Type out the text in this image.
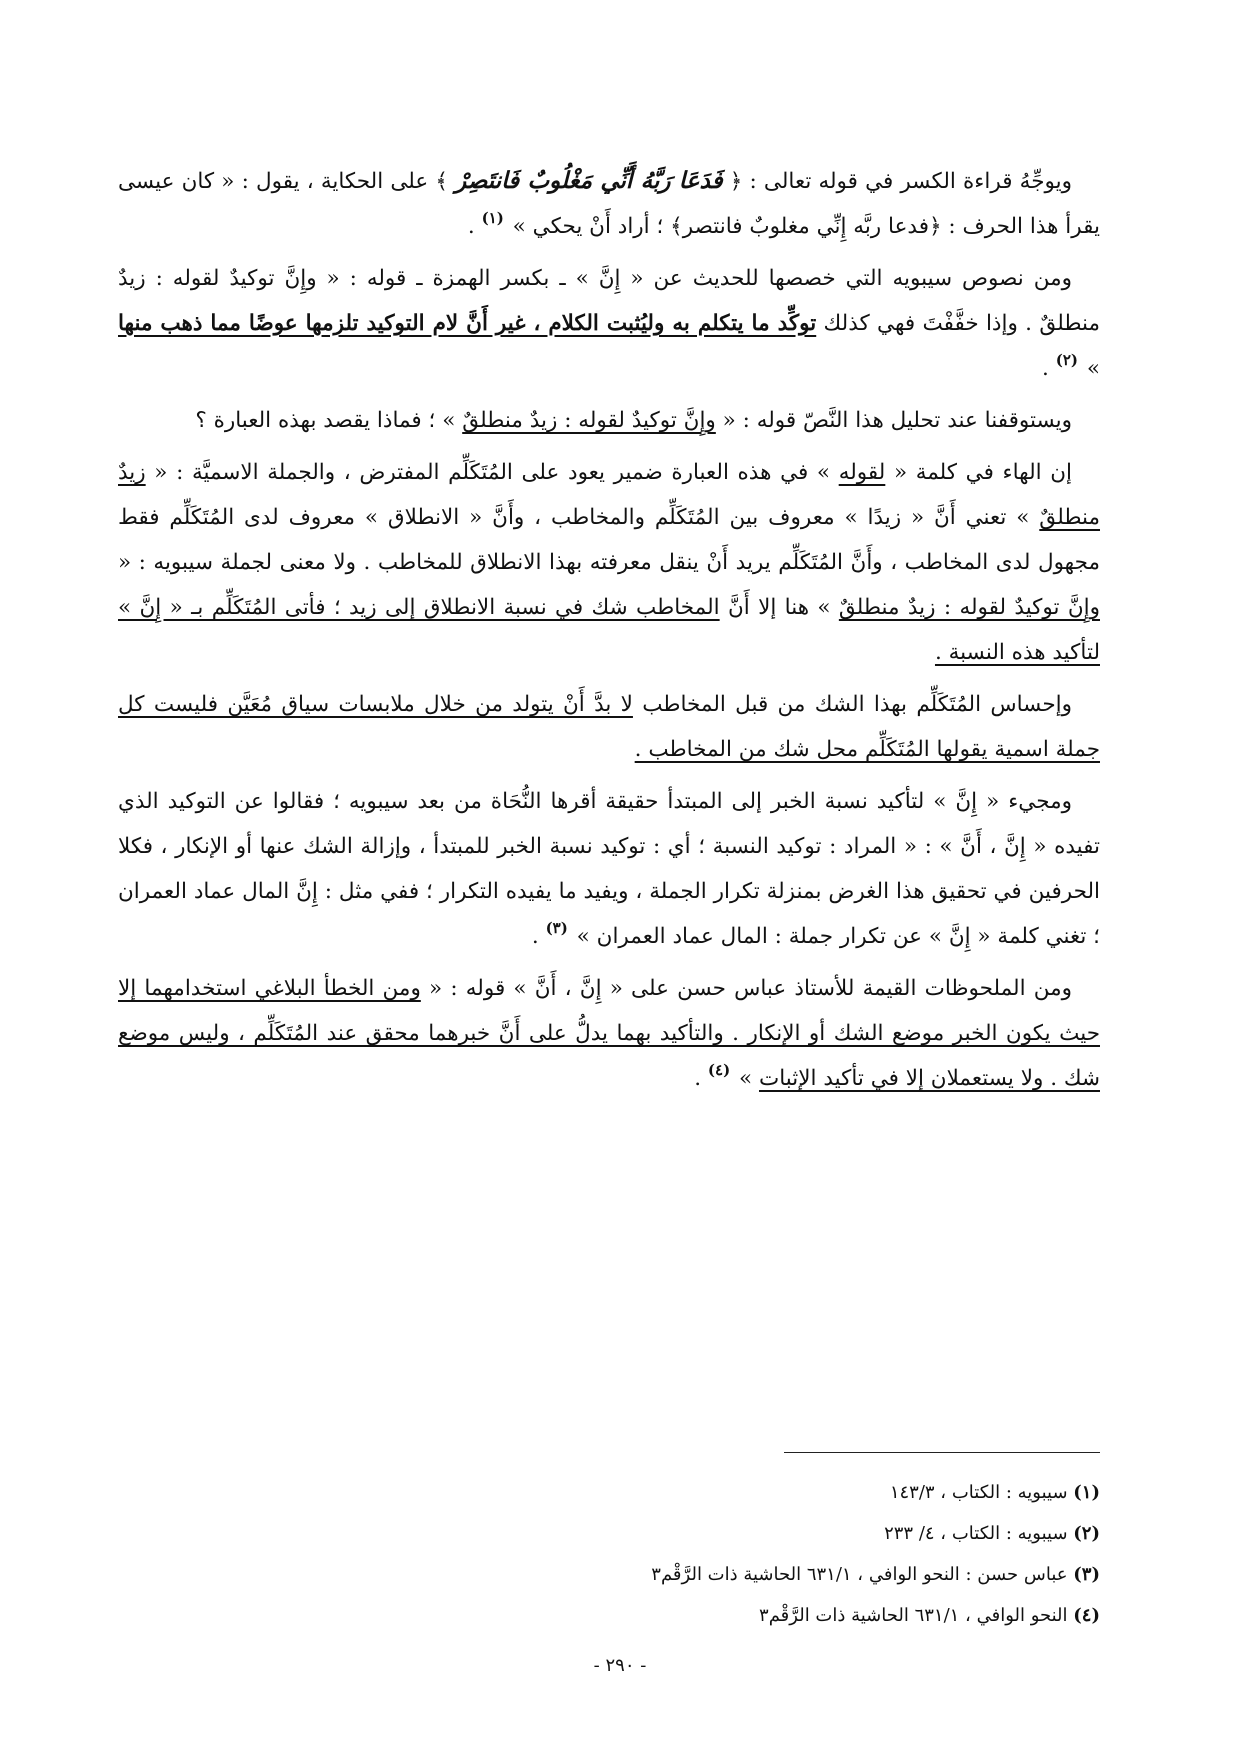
ويوجِّهُ قراءة الكسر في قوله تعالى : ﴿ فَدَعَا رَبَّهُ أَنِّي مَغْلُوبٌ فَانتَصِرْ ﴾ على الحكاية ، يقول : « كان عيسى يقرأ هذا الحرف : ﴿فدعا ربَّه إِنِّي مغلوبٌ فانتصر﴾ ؛ أراد أَنْ يحكي » $^{(١)}$ .

ومن نصوص سيبويه التي خصصها للحديث عن « إِنَّ » ـ بكسر الهمزة ـ قوله : « وإِنَّ توكيدٌ لقوله : زيدٌ منطلقٌ . وإذا خفَّفْتَ فهي كذلك توكِّد ما يتكلم به وليُثبت الكلام ، غير أَنَّ لام التوكيد تلزمها عوضًا مما ذهب منها » $^{(٢)}$ .

ويستوقفنا عند تحليل هذا النَّصّ قوله : « وإِنَّ توكيدٌ لقوله : زيدٌ منطلقٌ » ؛ فماذا يقصد بهذه العبارة ؟

إن الهاء في كلمة « لقوله » في هذه العبارة ضمير يعود على المُتَكَلِّم المفترض ، والجملة الاسميَّة : « زيدٌ منطلقٌ » تعني أَنَّ « زيدًا » معروف بين المُتَكَلِّم والمخاطب ، وأَنَّ « الانطلاق » معروف لدى المُتَكَلِّم فقط مجهول لدى المخاطب ، وأَنَّ المُتَكَلِّم يريد أَنْ ينقل معرفته بهذا الانطلاق للمخاطب . ولا معنى لجملة سيبويه : « وإِنَّ توكيدٌ لقوله : زيدٌ منطلقٌ » هنا إلا أَنَّ المخاطب شك في نسبة الانطلاق إلى زيد ؛ فأتى المُتَكَلِّم بـ « إِنَّ » لتأكيد هذه النسبة .

وإحساس المُتَكَلِّم بهذا الشك من قبل المخاطب لا بدَّ أَنْ يتولد من خلال ملابسات سياق مُعَيَّن فليست كل جملة اسمية يقولها المُتَكَلِّم محل شك من المخاطب .

ومجيء « إِنَّ » لتأكيد نسبة الخبر إلى المبتدأ حقيقة أقرها النُّحَاة من بعد سيبويه ؛ فقالوا عن التوكيد الذي تفيده « إِنَّ ، أَنَّ » : « المراد : توكيد النسبة ؛ أي : توكيد نسبة الخبر للمبتدأ ، وإزالة الشك عنها أو الإنكار ، فكلا الحرفين في تحقيق هذا الغرض بمنزلة تكرار الجملة ، ويفيد ما يفيده التكرار ؛ ففي مثل : إِنَّ المال عماد العمران ؛ تغني كلمة « إِنَّ » عن تكرار جملة : المال عماد العمران » $^{(٣)}$ .

ومن الملحوظات القيمة للأستاذ عباس حسن على « إِنَّ ، أَنَّ » قوله : « ومن الخطأ البلاغي استخدامهما إلا حيث يكون الخبر موضع الشك أو الإنكار . والتأكيد بهما يدلُّ على أَنَّ خبرهما محقق عند المُتَكَلِّم ، وليس موضع شك . ولا يستعملان إلا في تأكيد الإثبات » $^{(٤)}$ .

(١) سيبويه : الكتاب ، ١٤٣/٣

(٢) سيبويه : الكتاب ، ٤/ ٢٣٣

(٣) عباس حسن : النحو الوافي ، ٦٣١/١ الحاشية ذات الرَّقْم٣

(٤) النحو الوافي ، ٦٣١/١ الحاشية ذات الرَّقْم٣

- ٢٩٠ -
